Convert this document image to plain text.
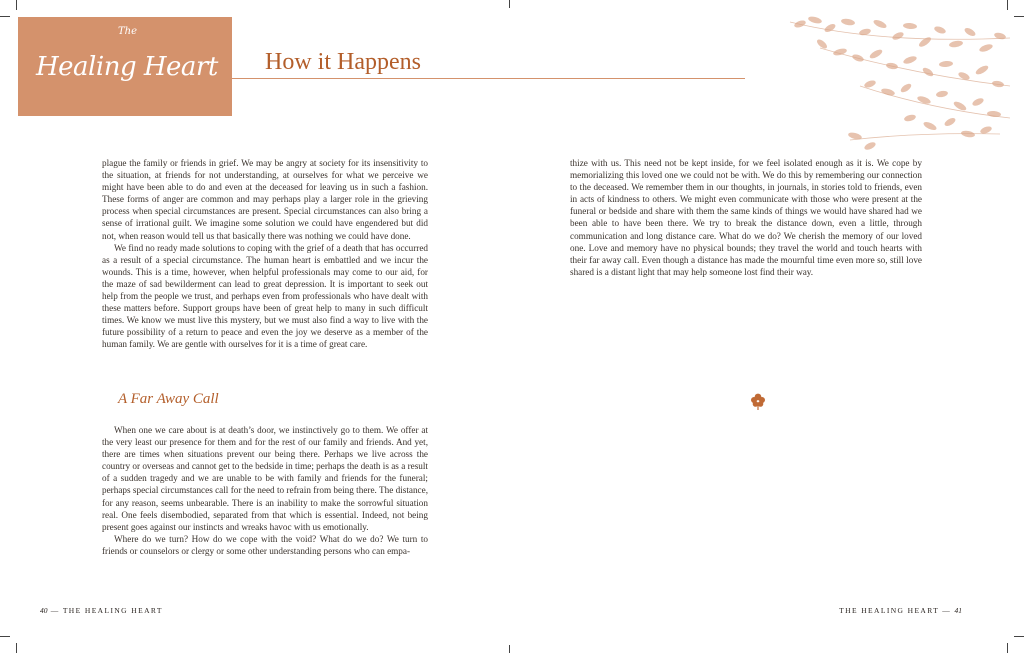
The
Healing Heart How it Happens

plague the family or friends in grief. We may be angry at society for its insensitivity to the situation, at friends for not understanding, at ourselves for what we perceive we might have been able to do and even at the deceased for leaving us in such a fashion. These forms of anger are common and may perhaps play a larger role in the grieving process when special circumstances are present. Special circumstances can also bring a sense of irrational guilt. We imagine some solution we could have engendered but did not, when reason would tell us that basically there was nothing we could have done.

We find no ready made solutions to coping with the grief of a death that has occurred as a result of a special circumstance. The human heart is embattled and we incur the wounds. This is a time, however, when helpful professionals may come to our aid, for the maze of sad bewilderment can lead to great depression. It is important to seek out help from the people we trust, and perhaps even from professionals who have dealt with these matters before. Support groups have been of great help to many in such difficult times. We know we must live this mystery, but we must also find a way to live with the future possibility of a return to peace and even the joy we deserve as a member of the human family. We are gentle with ourselves for it is a time of great care.

A Far Away Call

When one we care about is at death’s door, we instinctively go to them. We offer at the very least our presence for them and for the rest of our family and friends. And yet, there are times when situations prevent our being there. Perhaps we live across the country or overseas and cannot get to the bedside in time; perhaps the death is as a result of a sudden tragedy and we are unable to be with family and friends for the funeral; perhaps special circumstances call for the need to refrain from being there. The distance, for any reason, seems unbearable. There is an inability to make the sorrowful situation real. One feels disembodied, separated from that which is essential. Indeed, not being present goes against our instincts and wreaks havoc with us emotionally.

Where do we turn? How do we cope with the void? What do we do? We turn to friends or counselors or clergy or some other understanding persons who can empa-

thize with us. This need not be kept inside, for we feel isolated enough as it is. We cope by memorializing this loved one we could not be with. We do this by remembering our connection to the deceased. We remember them in our thoughts, in journals, in stories told to friends, even in acts of kindness to others. We might even communicate with those who were present at the funeral or bedside and share with them the same kinds of things we would have shared had we been able to have been there. We try to break the distance down, even a little, through communication and long distance care. What do we do? We cherish the memory of our loved one. Love and memory have no physical bounds; they travel the world and touch hearts with their far away call. Even though a distance has made the mournful time even more so, still love shared is a distant light that may help someone lost find their way.

40 — THE HEALING HEART	THE HEALING HEART — 41
